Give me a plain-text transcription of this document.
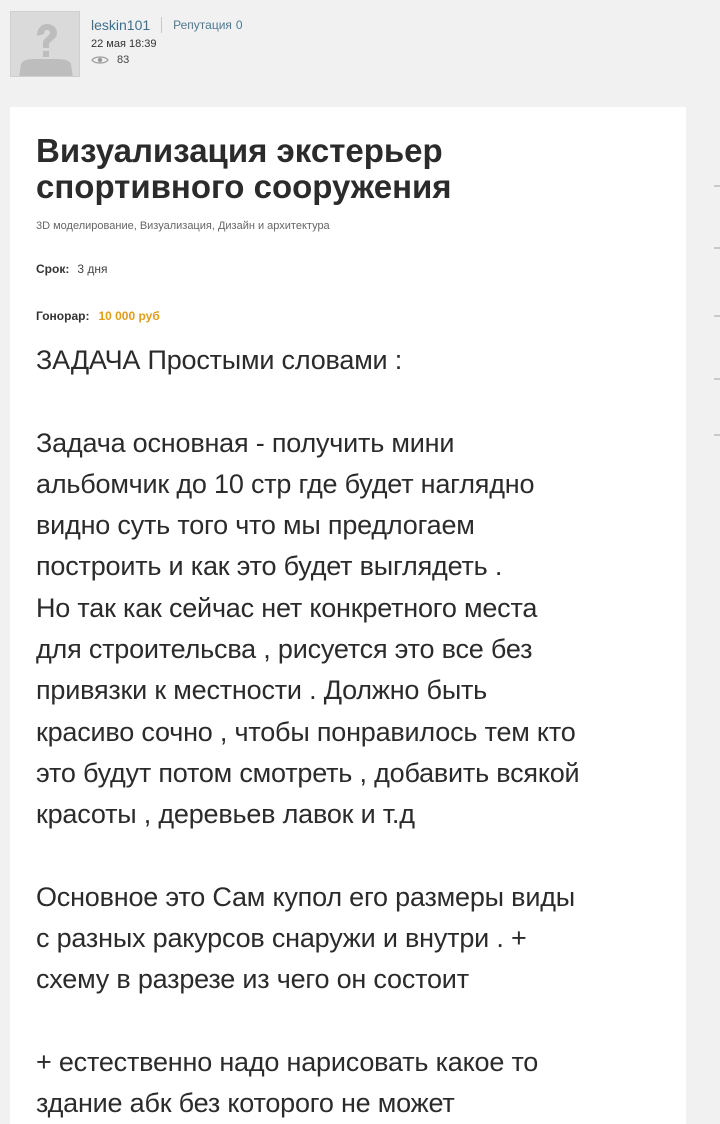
leskin101 Репутация 0
22 мая 18:39
83
Визуализация экстерьер спортивного сооружения
3D моделирование, Визуализация, Дизайн и архитектура
Срок: 3 дня
Гонорар: 10 000 руб

ЗАДАЧА Простыми словами :

Задача основная - получить мини

альбомчик до 10 стр где будет наглядно

видно суть того что мы предлогаем

построить и как это будет выглядеть .

Но так как сейчас нет конкретного места

для строительсва , рисуется это все без

привязки к местности . Должно быть

красиво сочно , чтобы понравилось тем кто

это будут потом смотреть , добавить всякой

красоты , деревьев лавок и т.д

Основное это Сам купол его размеры виды

с разных ракурсов снаружи и внутри . +

схему в разрезе из чего он состоит

+ естественно надо нарисовать какое то

здание абк без которого не может
